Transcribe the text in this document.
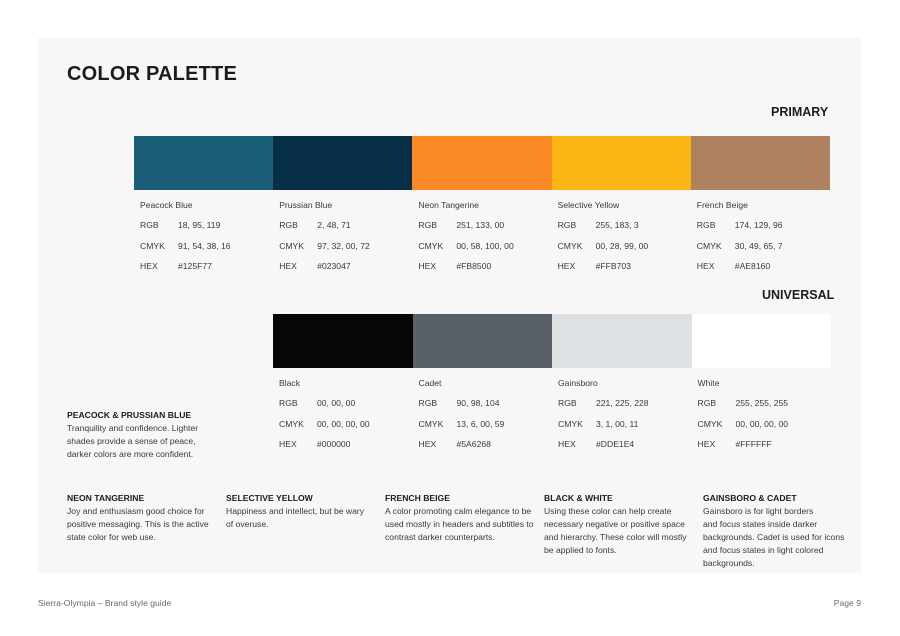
COLOR PALETTE
PRIMARY
UNIVERSAL
Peacock Blue
RGB 18, 95, 119
CMYK 91, 54, 38, 16
HEX #125F77
Prussian Blue
RGB 2, 48, 71
CMYK 97, 32, 00, 72
HEX #023047
Neon Tangerine
RGB 251, 133, 00
CMYK 00, 58, 100, 00
HEX #FB8500
Selective Yellow
RGB 255, 183, 3
CMYK 00, 28, 99, 00
HEX #FFB703
French Beige
RGB 174, 129, 96
CMYK 30, 49, 65, 7
HEX #AE8160
Black
RGB 00, 00, 00
CMYK 00, 00, 00, 00
HEX #000000
Cadet
RGB 90, 98, 104
CMYK 13, 6, 00, 59
HEX #5A6268
Gainsboro
RGB 221, 225, 228
CMYK 3, 1, 00, 11
HEX #DDE1E4
White
RGB 255, 255, 255
CMYK 00, 00, 00, 00
HEX #FFFFFF
PEACOCK & PRUSSIAN BLUE
Tranquility and confidence. Lighter
shades provide a sense of peace,
darker colors are more confident.
NEON TANGERINE
Joy and enthusiasm good choice for
positive messaging. This is the active
state color for web use.
SELECTIVE YELLOW
Happiness and intellect, but be wary
of overuse.
FRENCH BEIGE
A color promoting calm elegance to be
used mostly in headers and subtitles to
contrast darker counterparts.
BLACK & WHITE
Using these color can help create
necessary negative or positive space
and hierarchy. These color will mostly
be applied to fonts.
GAINSBORO & CADET
Gainsboro is for light borders
and focus states inside darker
backgrounds. Cadet is used for icons
and focus states in light colored
backgrounds.
Sierra-Olympia – Brand style guide	Page 9
